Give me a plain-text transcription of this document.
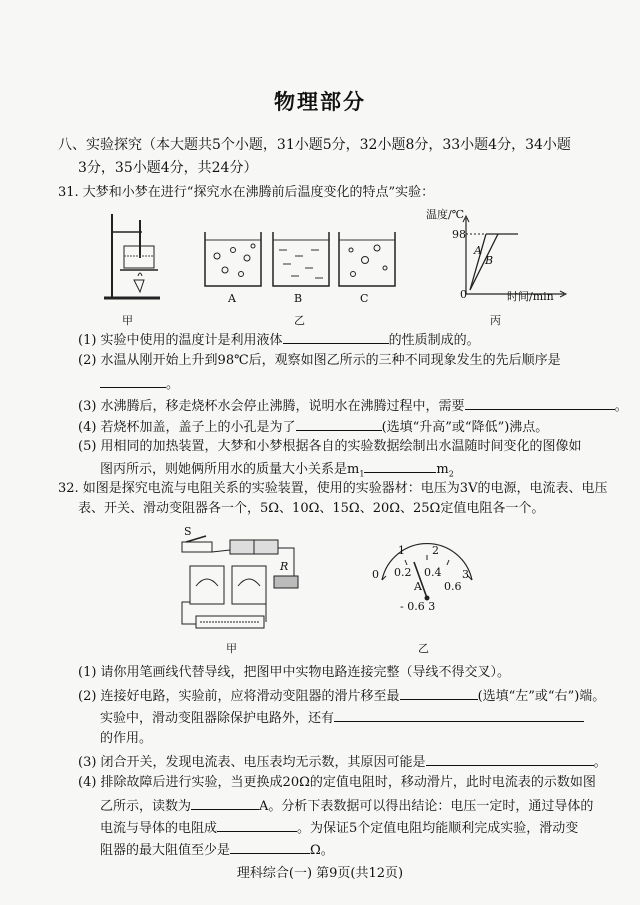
物理部分
八、实验探究（本大题共5个小题，31小题5分，32小题8分，33小题4分，34小题
3分，35小题4分，共24分）
31. 大梦和小梦在进行“探究水在沸腾前后温度变化的特点”实验：
甲
A	B	C
乙
温度/℃
98
0	时间/min
A
B
丙
(1) 实验中使用的温度计是利用液体	的性质制成的。
(2) 水温从刚开始上升到98℃后，观察如图乙所示的三种不同现象发生的先后顺序是
。
(3) 水沸腾后，移走烧杯水会停止沸腾，说明水在沸腾过程中，需要	。
(4) 若烧杯加盖，盖子上的小孔是为了	(选填“升高”或“降低”)沸点。
(5) 用相同的加热装置，大梦和小梦根据各自的实验数据绘制出水温随时间变化的图像如
图丙所示，则她俩所用水的质量大小关系是$m_1$	$m_2$
32. 如图是探究电流与电阻关系的实验装置，使用的实验器材：电压为3V的电源，电流表、电压
表、开关、滑动变阻器各一个，5Ω、10Ω、15Ω、20Ω、25Ω定值电阻各一个。
S
R
甲
0
1 2
3
0.2 0.4
0.6
A
- 0.6 3
乙
(1) 请你用笔画线代替导线，把图甲中实物电路连接完整（导线不得交叉）。
(2) 连接好电路，实验前，应将滑动变阻器的滑片移至最	(选填“左”或“右”)端。
实验中，滑动变阻器除保护电路外，还有
的作用。
(3) 闭合开关，发现电流表、电压表均无示数，其原因可能是	。
(4) 排除故障后进行实验，当更换成20Ω的定值电阻时，移动滑片，此时电流表的示数如图
乙所示，读数为	A。分析下表数据可以得出结论：电压一定时，通过导体的
电流与导体的电阻成	。为保证5个定值电阻均能顺利完成实验，滑动变
阻器的最大阻值至少是	Ω。
理科综合(一) 第9页(共12页)
